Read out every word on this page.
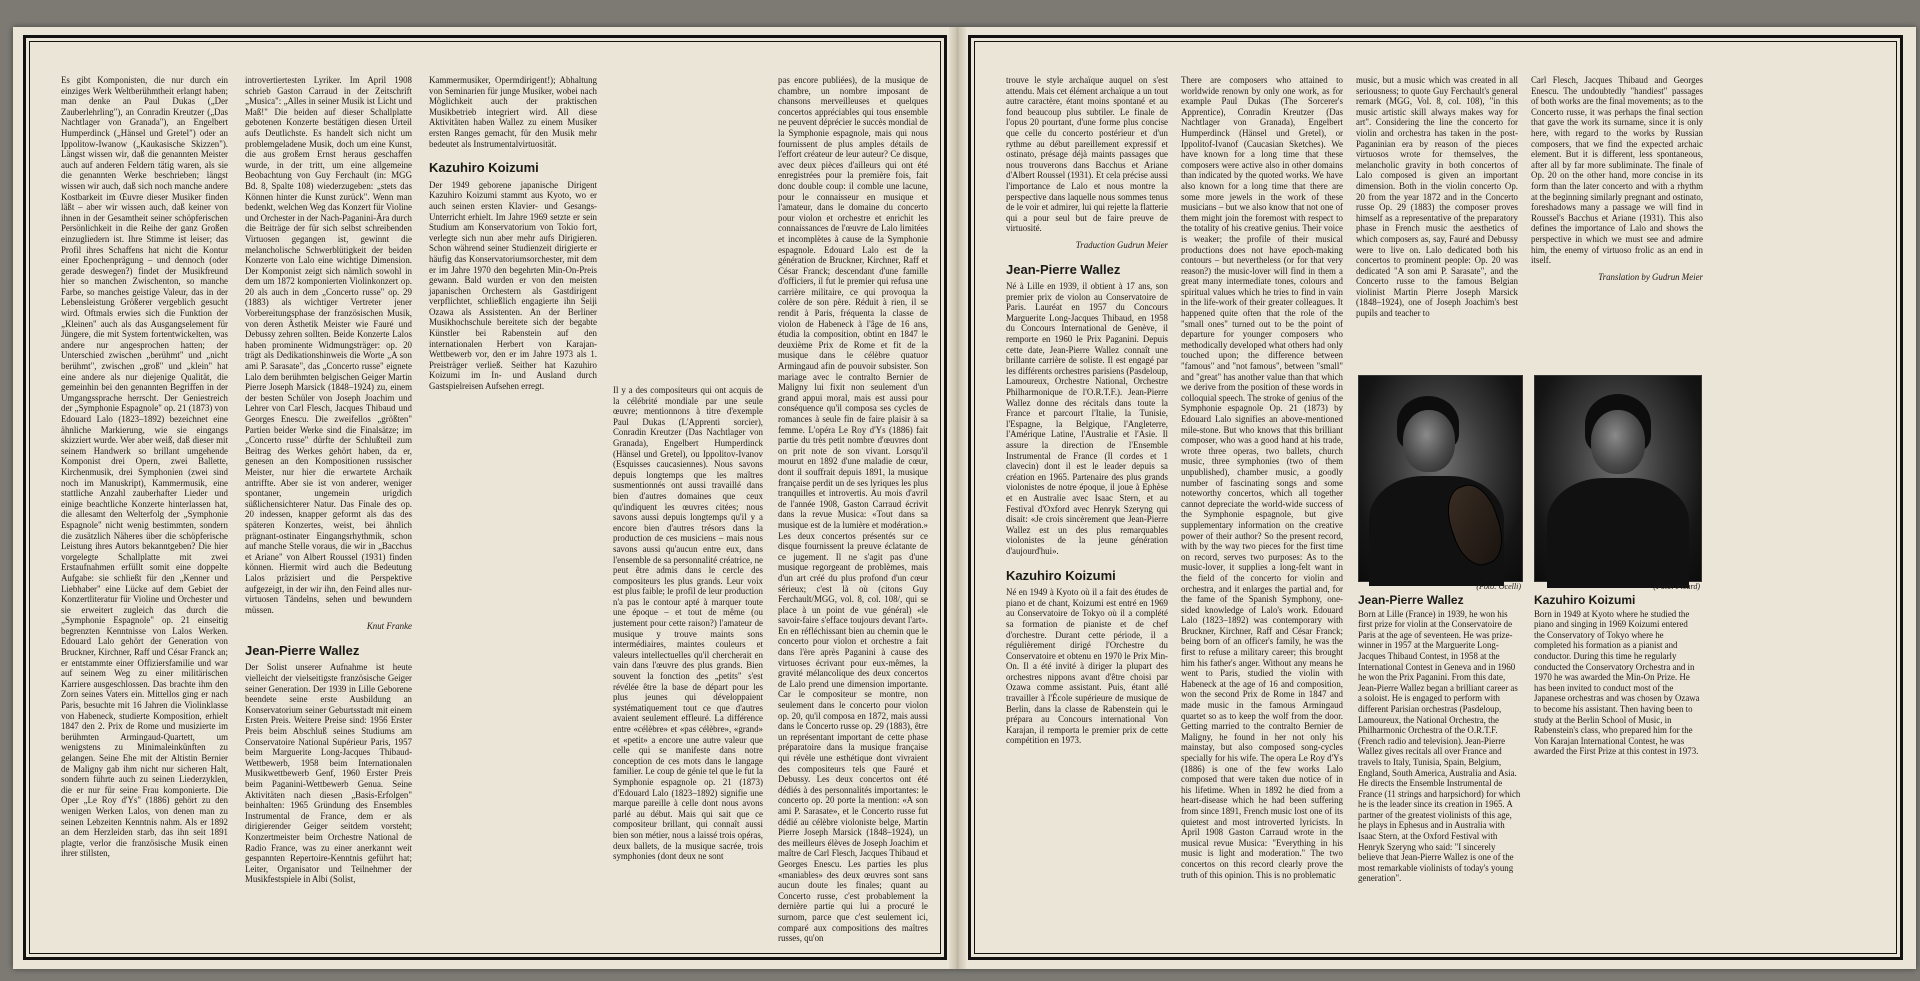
Es gibt Komponisten, die nur durch ein einziges Werk Weltberühmtheit erlangt haben; man denke an Paul Dukas („Der Zauberlehrling"), an Conradin Kreutzer („Das Nachtlager von Granada"), an Engelbert Humperdinck („Hänsel und Gretel") oder an Ippolitow-Iwanow („Kaukasische Skizzen"). Längst wissen wir, daß die genannten Meister auch auf anderen Feldern tätig waren, als sie die genannten Werke beschrieben; längst wissen wir auch, daß sich noch manche andere Kostbarkeit im Œuvre dieser Musiker finden läßt – aber wir wissen auch, daß keiner von ihnen in der Gesamtheit seiner schöpferischen Persönlichkeit in die Reihe der ganz Großen einzugliedern ist. Ihre Stimme ist leiser; das Profil ihres Schaffens hat nicht die Kontur einer Epochenprägung – und dennoch (oder gerade deswegen?) findet der Musikfreund hier so manchen Zwischenton, so manche Farbe, so manches geistige Valeur, das in der Lebensleistung Größerer vergeblich gesucht wird. Oftmals erwies sich die Funktion der „Kleinen" auch als das Ausgangselement für Jüngere, die mit System fortentwickelten, was andere nur angesprochen hatten; der Unterschied zwischen „berühmt" und „nicht berühmt", zwischen „groß" und „klein" hat eine andere als nur diejenige Qualität, die gemeinhin bei den genannten Begriffen in der Umgangssprache herrscht. Der Geniestreich der „Symphonie Espagnole" op. 21 (1873) von Edouard Lalo (1823–1892) bezeichnet eine ähnliche Markierung, wie sie eingangs skizziert wurde. Wer aber weiß, daß dieser mit seinem Handwerk so brillant umgehende Komponist drei Opern, zwei Ballette, Kirchenmusik, drei Symphonien (zwei sind noch im Manuskript), Kammermusik, eine stattliche Anzahl zauberhafter Lieder und einige beachtliche Konzerte hinterlassen hat, die allesamt den Welterfolg der „Symphonie Espagnole" nicht wenig bestimmten, sondern die zusätzlich Näheres über die schöpferische Leistung ihres Autors bekanntgeben? Die hier vorgelegte Schallplatte mit zwei Erstaufnahmen erfüllt somit eine doppelte Aufgabe: sie schließt für den „Kenner und Liebhaber" eine Lücke auf dem Gebiet der Konzertliteratur für Violine und Orchester und sie erweitert zugleich das durch die „Symphonie Espagnole" op. 21 einseitig begrenzten Kenntnisse von Lalos Werken. Edouard Lalo gehört der Generation von Bruckner, Kirchner, Raff und César Franck an; er entstammte einer Offiziersfamilie und war auf seinem Weg zu einer militärischen Karriere ausgeschlossen. Das brachte ihm den Zorn seines Vaters ein. Mittellos ging er nach Paris, besuchte mit 16 Jahren die Violinklasse von Habeneck, studierte Komposition, erhielt 1847 den 2. Prix de Rome und musizierte im berühmten Armingaud-Quartett, um wenigstens zu Minimaleinkünften zu gelangen. Seine Ehe mit der Altistin Bernier de Maligny gab ihm nicht nur sicheren Halt, sondern führte auch zu seinen Liederzyklen, die er nur für seine Frau komponierte. Die Oper „Le Roy d'Ys" (1886) gehört zu den wenigen Werken Lalos, von denen man zu seinen Lebzeiten Kenntnis nahm. Als er 1892 an dem Herzleiden starb, das ihn seit 1891 plagte, verlor die französische Musik einen ihrer stillsten,

introvertiertesten Lyriker. Im April 1908 schrieb Gaston Carraud in der Zeitschrift „Musica": „Alles in seiner Musik ist Licht und Maß!" Die beiden auf dieser Schallplatte gebotenen Konzerte bestätigen diesen Urteil aufs Deutlichste. Es handelt sich nicht um problemgeladene Musik, doch um eine Kunst, die aus großem Ernst heraus geschaffen wurde, in der tritt, um eine allgemeine Beobachtung von Guy Ferchault (in: MGG Bd. 8, Spalte 108) wiederzugeben: „stets das Können hinter die Kunst zurück". Wenn man bedenkt, welchen Weg das Konzert für Violine und Orchester in der Nach-Paganini-Ära durch die Beiträge der für sich selbst schreibenden Virtuosen gegangen ist, gewinnt die melancholische Schwerblütigkeit der beiden Konzerte von Lalo eine wichtige Dimension. Der Komponist zeigt sich nämlich sowohl in dem um 1872 komponierten Violinkonzert op. 20 als auch in dem „Concerto russe" op. 29 (1883) als wichtiger Vertreter jener Vorbereitungsphase der französischen Musik, von deren Ästhetik Meister wie Fauré und Debussy zehren sollten. Beide Konzerte Lalos haben prominente Widmungsträger: op. 20 trägt als Dedikationshinweis die Worte „A son ami P. Sarasate", das „Concerto russe" eignete Lalo dem berühmten belgischen Geiger Martin Pierre Joseph Marsick (1848–1924) zu, einem der besten Schüler von Joseph Joachim und Lehrer von Carl Flesch, Jacques Thibaud und Georges Enescu. Die zweifellos „größten" Partien beider Werke sind die Finalsätze; im „Concerto russe" dürfte der Schlußteil zum Beitrag des Werkes gehört haben, da er, genesen an den Kompositionen russischer Meister, nur hier die erwartete Archaik antriffte. Aber sie ist von anderer, weniger spontaner, ungemein urigdich süßlichensichterer Natur. Das Finale des op. 20 indessen, knapper geformt als das des späteren Konzertes, weist, bei ähnlich prägnant-ostinater Eingangsrhythmik, schon auf manche Stelle voraus, die wir in „Bacchus et Ariane" von Albert Roussel (1931) finden können. Hiermit wird auch die Bedeutung Lalos präzisiert und die Perspektive aufgezeigt, in der wir ihn, den Feind alles nur-virtuosen Tändelns, sehen und bewundern müssen.

Knut Franke

Jean-Pierre Wallez

Der Solist unserer Aufnahme ist heute vielleicht der vielseitigste französische Geiger seiner Generation. Der 1939 in Lille Geborene beendete seine erste Ausbildung an Konservatorium seiner Geburtsstadt mit einem Ersten Preis. Weitere Preise sind: 1956 Erster Preis beim Abschluß seines Studiums am Conservatoire National Supérieur Paris, 1957 beim Marguerite Long-Jacques Thibaud-Wettbewerb, 1958 beim Internationalen Musikwettbewerb Genf, 1960 Erster Preis beim Paganini-Wettbewerb Genua. Seine Aktivitäten nach diesen „Basis-Erfolgen" beinhalten: 1965 Gründung des Ensembles Instrumental de France, dem er als dirigierender Geiger seitdem vorsteht; Konzertmeister beim Orchestre National de Radio France, was zu einer anerkannt weit gespannten Repertoire-Kenntnis geführt hat; Leiter, Organisator und Teilnehmer der Musikfestspiele in Albi (Solist,

Kammermusiker, Opermdirigent!); Abhaltung von Seminarien für junge Musiker, wobei nach Möglichkeit auch der praktischen Musikbetrieb integriert wird. All diese Aktivitäten haben Wallez zu einem Musiker ersten Ranges gemacht, für den Musik mehr bedeutet als Instrumentalvirtuosität.

Kazuhiro Koizumi

Der 1949 geborene japanische Dirigent Kazuhiro Koizumi stammt aus Kyoto, wo er auch seinen ersten Klavier- und Gesangs-Unterricht erhielt. Im Jahre 1969 setzte er sein Studium am Konservatorium von Tokio fort, verlegte sich nun aber mehr aufs Dirigieren. Schon während seiner Studienzeit dirigierte er häufig das Konservatoriumsorchester, mit dem er im Jahre 1970 den begehrten Min-On-Preis gewann. Bald wurden er von den meisten japanischen Orchestern als Gastdirigent verpflichtet, schließlich engagierte ihn Seiji Ozawa als Assistenten. An der Berliner Musikhochschule bereitete sich der begabte Künstler bei Rabenstein auf den internationalen Herbert von Karajan-Wettbewerb vor, den er im Jahre 1973 als 1. Preisträger verließ. Seither hat Kazuhiro Koizumi im In- und Ausland durch Gastspielreisen Aufsehen erregt.	Il y a des compositeurs qui ont acquis de la célébrité mondiale par une seule œuvre; mentionnons à titre d'exemple Paul Dukas (L'Apprenti sorcier), Conradin Kreutzer (Das Nachtlager von Granada), Engelbert Humperdinck (Hänsel und Gretel), ou Ippolitov-Ivanov (Esquisses caucasiennes). Nous savons depuis longtemps que les maîtres susmentionnés ont aussi travaillé dans bien d'autres domaines que ceux qu'indiquent les œuvres citées; nous savons aussi depuis longtemps qu'il y a encore bien d'autres trésors dans la production de ces musiciens – mais nous savons aussi qu'aucun entre eux, dans l'ensemble de sa personnalité créatrice, ne peut être admis dans le cercle des compositeurs les plus grands. Leur voix est plus faible; le profil de leur production n'a pas le contour apté à marquer toute une époque – et tout de même (ou justement pour cette raison?) l'amateur de musique y trouve maints sons intermédiaires, maintes couleurs et valeurs intellectuelles qu'il chercherait en vain dans l'œuvre des plus grands. Bien souvent la fonction des „petits" s'est révélée être la base de départ pour les plus jeunes qui développaient systématiquement tout ce que d'autres avaient seulement effleuré. La différence entre «célèbre» et «pas célèbre», «grand» et «petit» a encore une autre valeur que celle qui se manifeste dans notre conception de ces mots dans le langage familier. Le coup de génie tel que le fut la Symphonie espagnole op. 21 (1873) d'Edouard Lalo (1823–1892) signifie une marque pareille à celle dont nous avons parlé au début. Mais qui sait que ce compositeur brillant, qui connaît aussi bien son métier, nous a laissé trois opéras, deux ballets, de la musique sacrée, trois symphonies (dont deux ne sont

pas encore publiées), de la musique de chambre, un nombre imposant de chansons merveilleuses et quelques concertos appréciables qui tous ensemble ne peuvent déprécier le succès mondial de la Symphonie espagnole, mais qui nous fournissent de plus amples détails de l'effort créateur de leur auteur? Ce disque, avec deux pièces d'ailleurs qui ont été enregistrées pour la première fois, fait donc double coup: il comble une lacune, pour le connaisseur en musique et l'amateur, dans le domaine du concerto pour violon et orchestre et enrichit les connaissances de l'œuvre de Lalo limitées et incomplètes à cause de la Symphonie espagnole. Edouard Lalo est de la génération de Bruckner, Kirchner, Raff et César Franck; descendant d'une famille d'officiers, il fut le premier qui refusa une carrière militaire, ce qui provoqua la colère de son père. Réduit à rien, il se rendit à Paris, fréquenta la classe de violon de Habeneck à l'âge de 16 ans, étudia la composition, obtint en 1847 le deuxième Prix de Rome et fit de la musique dans le célèbre quatuor Armingaud afin de pouvoir subsister. Son mariage avec le contralto Bernier de Maligny lui fixit non seulement d'un grand appui moral, mais est aussi pour conséquence qu'il composa ses cycles de romances à seule fin de faire plaisir à sa femme. L'opéra Le Roy d'Ys (1886) fait partie du très petit nombre d'œuvres dont on prit note de son vivant. Lorsqu'il mourut en 1892 d'une maladie de cœur, dont il souffrait depuis 1891, la musique française perdit un de ses lyriques les plus tranquilles et introvertis. Au mois d'avril de l'année 1908, Gaston Carraud écrivit dans la revue Musica: «Tout dans sa musique est de la lumière et modération.» Les deux concertos présentés sur ce disque fournissent la preuve éclatante de ce jugement. Il ne s'agit pas d'une musique regorgeant de problèmes, mais d'un art créé du plus profond d'un cœur sérieux; c'est là où (citons Guy Ferchault/MGG, vol. 8, col. 108/, qui se place à un point de vue général) «le savoir-faire s'efface toujours devant l'art». En en réfléchissant bien au chemin que le concerto pour violon et orchestre a fait dans l'ère après Paganini à cause des virtuoses écrivant pour eux-mêmes, la gravité mélancolique des deux concertos de Lalo prend une dimension importante. Car le compositeur se montre, non seulement dans le concerto pour violon op. 20, qu'il composa en 1872, mais aussi dans le Concerto russe op. 29 (1883), être un représentant important de cette phase préparatoire dans la musique française qui révèle une esthétique dont vivraient des compositeurs tels que Fauré et Debussy. Les deux concertos ont été dédiés à des personnalités importantes: le concerto op. 20 porte la mention: «A son ami P. Sarasate», et le Concerto russe fut dédié au célèbre violoniste belge, Martin Pierre Joseph Marsick (1848–1924), un des meilleurs élèves de Joseph Joachim et maître de Carl Flesch, Jacques Thibaud et Georges Enescu. Les parties les plus «maniables» des deux œuvres sont sans aucun doute les finales; quant au Concerto russe, c'est probablement la dernière partie qui lui a procuré le surnom, parce que c'est seulement ici, comparé aux compositions des maîtres russes, qu'on

trouve le style archaïque auquel on s'est attendu. Mais cet élément archaïque a un tout autre caractère, étant moins spontané et au fond beaucoup plus subtiler. Le finale de l'opus 20 pourtant, d'une forme plus concise que celle du concerto postérieur et d'un rythme au début pareillement expressif et ostinato, présage déjà maints passages que nous trouverons dans Bacchus et Ariane d'Albert Roussel (1931). Et cela précise aussi l'importance de Lalo et nous montre la perspective dans laquelle nous sommes tenus de le voir et admirer, lui qui rejette la flatterie qui a pour seul but de faire preuve de virtuosité.

Traduction Gudrun Meier

Jean-Pierre Wallez

Né à Lille en 1939, il obtient à 17 ans, son premier prix de violon au Conservatoire de Paris. Lauréat en 1957 du Concours Marguerite Long-Jacques Thibaud, en 1958 du Concours International de Genève, il remporte en 1960 le Prix Paganini. Depuis cette date, Jean-Pierre Wallez connaît une brillante carrière de soliste. Il est engagé par les différents orchestres parisiens (Pasdeloup, Lamoureux, Orchestre National, Orchestre Philharmonique de l'O.R.T.F.). Jean-Pierre Wallez donne des récitals dans toute la France et parcourt l'Italie, la Tunisie, l'Espagne, la Belgique, l'Angleterre, l'Amérique Latine, l'Australie et l'Asie. Il assure la direction de l'Ensemble Instrumental de France (Il cordes et 1 clavecin) dont il est le leader depuis sa création en 1965. Partenaire des plus grands violonistes de notre époque, il joue à Ephèse et en Australie avec Isaac Stern, et au Festival d'Oxford avec Henryk Szeryng qui disait: «Je crois sincèrement que Jean-Pierre Wallez est un des plus remarquables violonistes de la jeune génération d'aujourd'hui».

Kazuhiro Koizumi

Né en 1949 à Kyoto où il a fait des études de piano et de chant, Koizumi est entré en 1969 au Conservatoire de Tokyo où il a complété sa formation de pianiste et de chef d'orchestre. Durant cette période, il a régulièrement dirigé l'Orchestre du Conservatoire et obtenu en 1970 le Prix Min-On. Il a été invité à diriger la plupart des orchestres nippons avant d'être choisi par Ozawa comme assistant. Puis, étant allé travailler à l'École supérieure de musique de Berlin, dans la classe de Rabenstein qui le prépara au Concours international Von Karajan, il remporta le premier prix de cette compétition en 1973.

There are composers who attained to worldwide renown by only one work, as for example Paul Dukas (The Sorcerer's Apprentice), Conradin Kreutzer (Das Nachtlager von Granada), Engelbert Humperdinck (Hänsel und Gretel), or Ippolitof-Ivanof (Caucasian Sketches). We have known for a long time that these composers were active also in other domains than indicated by the quoted works. We have also known for a long time that there are some more jewels in the work of these musicians – but we also know that not one of them might join the foremost with respect to the totality of his creative genius. Their voice is weaker; the profile of their musical productions does not have epoch-making contours – but nevertheless (or for that very reason?) the music-lover will find in them a great many intermediate tones, colours and spiritual values which he tries to find in vain in the life-work of their greater colleagues. It happened quite often that the role of the "small ones" turned out to be the point of departure for younger composers who methodically developed what others had only touched upon; the difference between "famous" and "not famous", between "small" and "great" has another value than that which we derive from the position of these words in colloquial speech. The stroke of genius of the Symphonie espagnole Op. 21 (1873) by Edouard Lalo signifies an above-mentioned mile-stone. But who knows that this brilliant composer, who was a good hand at his trade, wrote three operas, two ballets, church music, three symphonies (two of them unpublished), chamber music, a goodly number of fascinating songs and some noteworthy concertos, which all together cannot depreciate the world-wide success of the Symphonie espagnole, but give supplementary information on the creative power of their author? So the present record, with by the way two pieces for the first time on record, serves two purposes: As to the music-lover, it supplies a long-felt want in the field of the concerto for violin and orchestra, and it enlarges the partial and, for the fame of the Spanish Symphony, one-sided knowledge of Lalo's work. Edouard Lalo (1823–1892) was contemporary with Bruckner, Kirchner, Raff and César Franck; being born of an officer's family, he was the first to refuse a military career; this brought him his father's anger. Without any means he went to Paris, studied the violin with Habeneck at the age of 16 and composition, won the second Prix de Rome in 1847 and made music in the famous Armingaud quartet so as to keep the wolf from the door. Getting married to the contralto Bernier de Maligny, he found in her not only his mainstay, but also composed song-cycles specially for his wife. The opera Le Roy d'Ys (1886) is one of the few works Lalo composed that were taken due notice of in his lifetime. When in 1892 he died from a heart-disease which he had been suffering from since 1891, French music lost one of its quietest and most introverted lyricists. In April 1908 Gaston Carraud wrote in the musical revue Musica: "Everything in his music is light and moderation." The two concertos on this record clearly prove the truth of this opinion. This is no problematic

music, but a music which was created in all seriousness; to quote Guy Ferchault's general remark (MGG, Vol. 8, col. 108), "in this music artistic skill always makes way for art". Considering the line the concerto for violin and orchestra has taken in the post-Paganinian era by reason of the pieces virtuosos wrote for themselves, the melancholic gravity in both concertos of Lalo composed is given an important dimension. Both in the violin concerto Op. 20 from the year 1872 and in the Concerto russe Op. 29 (1883) the composer proves himself as a representative of the preparatory phase in French music the aesthetics of which composers as, say, Fauré and Debussy were to live on. Lalo dedicated both his concertos to prominent people: Op. 20 was dedicated "A son ami P. Sarasate", and the Concerto russe to the famous Belgian violinist Martin Pierre Joseph Marsick (1848–1924), one of Joseph Joachim's best pupils and teacher to

Carl Flesch, Jacques Thibaud and Georges Enescu. The undoubtedly "handiest" passages of both works are the final movements; as to the Concerto russe, it was perhaps the final section that gave the work its surname, since it is only here, with regard to the works by Russian composers, that we find the expected archaic element. But it is different, less spontaneous, after all by far more subliminate. The finale of Op. 20 on the other hand, more concise in its form than the later concerto and with a rhythm at the beginning similarly pregnant and ostinato, foreshadows many a passage we will find in Roussel's Bacchus et Ariane (1931). This also defines the importance of Lalo and shows the perspective in which we must see and admire him, the enemy of virtuoso frolic as an end in itself.

Translation by Gudrun Meier

(Foto: Ocelli)
Jean-Pierre Wallez

Born at Lille (France) in 1939, he won his first prize for violin at the Conservatoire de Paris at the age of seventeen. He was prize-winner in 1957 at the Marguerite Long-Jacques Thibaud Contest, in 1958 at the International Contest in Geneva and in 1960 he won the Prix Paganini. From this date, Jean-Pierre Wallez began a brilliant career as a soloist. He is engaged to perform with different Parisian orchestras (Pasdeloup, Lamoureux, the National Orchestra, the Philharmonic Orchestra of the O.R.T.F. (French radio and television). Jean-Pierre Wallez gives recitals all over France and travels to Italy, Tunisia, Spain, Belgium, England, South America, Australia and Asia. He directs the Ensemble Instrumental de France (11 strings and harpsichord) for which he is the leader since its creation in 1965. A partner of the greatest violinists of this age, he plays in Ephesus and in Australia with Isaac Stern, at the Oxford Festival with Henryk Szeryng who said: "I sincerely believe that Jean-Pierre Wallez is one of the most remarkable violinists of today's young generation".

(Foto: Picard)
Kazuhiro Koizumi

Born in 1949 at Kyoto where he studied the piano and singing in 1969 Koizumi entered the Conservatory of Tokyo where he completed his formation as a pianist and conductor. During this time he regularly conducted the Conservatory Orchestra and in 1970 he was awarded the Min-On Prize. He has been invited to conduct most of the Japanese orchestras and was chosen by Ozawa to become his assistant. Then having been to study at the Berlin School of Music, in Rabenstein's class, who prepared him for the Von Karajan International Contest, he was awarded the First Prize at this contest in 1973.
